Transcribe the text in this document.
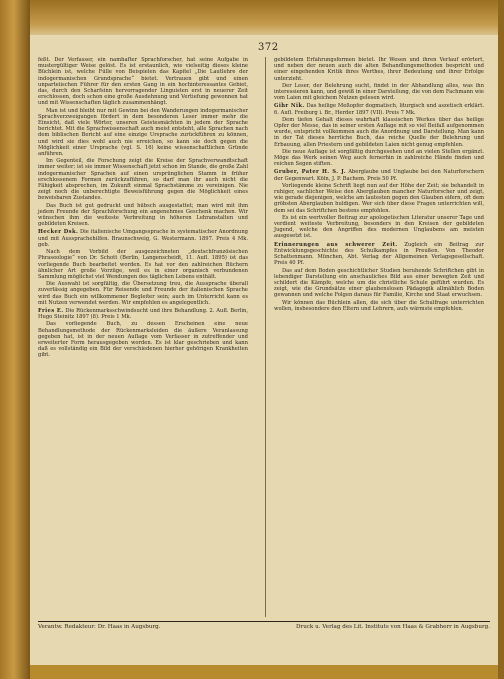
372

feßt. Der Verfasser, ein namhafter Sprachforscher, hat seine Aufgabe in mustergültiger Weise gelöst. Es ist erstaunlich, wie vielseitig dieses kleine Büchlein ist, welche Fülle von Beispielen das Kapitel „Die Lautlehre der indogermanischen Grundsprache“ bietet. Vertrauen gibt und einen unparteiischen Führer für den ersten Gang in ein hochinteressantes Gebiet, das, durch den Scharfsinn hervorragender Linguisten erst in neuerer Zeit erschlossen, doch schon eine große Ausdehnung und Vertiefung gewonnen hat und mit Wissenschaften täglich zusammenhängt.

Man ist und bleibt nur mit Gewinn bei den Wanderungen indogermanischer Sprachverzweigungen fördert in dem besonderen Leser immer mehr die Einsicht, daß viele Wörter, unseren Geistesmächten in jedem der Sprache berichtet. Mit die Sprachwissenschaft auch meist entsteht, alle Sprachen nach dem biblischen Bericht auf eine einzige Ursprache zurückführen zu können, und wird sie dies wohl auch nie erreichen, so kann sie doch gegen die Möglichkeit einer Ursprache (vgl. S. 16) keine wissenschaftlichen Gründe anführen.

Im Gegenteil, die Forschung zeigt die Kreise der Sprachverwandtschaft immer weiter; ist sie immer Wissenschaft jetzt schon im Stande, die große Zahl indogermanischer Sprachen auf einen ursprünglichen Stamm in früher erschlossenem Formen zurückzuführen, so darf man ihr auch nicht die Fähigkeit absprechen, im Zukunft einmal Sprachstämme zu vereinigen. Nie zeigt noch die unberechtigte Beweisführung gegen die Möglichkeit eines beweisbaren Zustandes.

Das Buch ist gut gedruckt und hübsch ausgestattet; man wird mit ihm jedem Freunde der Sprachforschung ein angenehmes Geschenk machen. Wir wünschen ihm die weiteste Verbreitung in höheren Lehranstalten und gebildeten Kreisen.

Hecker Dsk. Die italienische Umgangssprache in systematischer Anordnung und mit Aussprachehilfen. Braunschweig, G. Westermann. 1897. Preis 4 Mk. geb.

Nach dem Vorbild der ausgezeichneten „deutschfranzösischen Phraseologie“ von Dr. Schott (Berlin, Langenscheidt, 11. Aufl. 1895) ist das vorliegende Buch bearbeitet worden. Es hat vor den zahlreichen Büchern ähnlicher Art große Vorzüge, weil es in einer organisch verbundenen Sammlung möglichst viel Wendungen des täglichen Lebens enthält.

Die Auswahl ist sorgfältig, die Übersetzung treu, die Aussprache überall zuverlässig angegeben. Für Reisende und Freunde der italienischen Sprache wird das Buch ein willkommener Begleiter sein; auch im Unterricht kann es mit Nutzen verwendet werden. Wir empfehlen es angelegentlich.

Fries E. Die Rückenmarksschwindsucht und ihre Behandlung. 2. Aufl. Berlin, Hugo Steinitz 1897 (8). Preis 1 Mk.

Das vorliegende Buch, zu dessen Erscheinen eine neue Behandlungsmethode der Rückenmarksleiden die äußere Veranlassung gegeben hat, ist in der neuen Auflage vom Verfasser in zutreffender und erweiterter Form herausgegeben worden. Es ist klar geschrieben und kann daß es vollständig ein Bild der verschiedenen hierher gehörigen Krankheiten gibt.

gebildetem Erfahrungsformen bietet. Ihr Wesen und ihren Verlauf erörtert, und neben der neuen auch die alten Behandlungsmethoden bespricht und einer eingehenden Kritik ihres Werthes, ihrer Bedeutung und ihrer Erfolge unterzieht.

Der Leser, der Belehrung sucht, findet in der Abhandlung alles, was ihn interessieren kann, und gewiß in einer Darstellung, die von dem Fachmann wie vom Laien mit gleichem Nutzen gelesen wird.

Gihr Nik. Das heilige Meßopfer dogmatisch, liturgisch und aszetisch erklärt. 6. Aufl. Freiburg i. Br., Herder 1897 (VII). Preis 7 Mk.

Dem tiefen Gehalt dieses wahrhaft klassischen Werkes über das heilige Opfer der Messe, das in seiner ersten Auflage mit so viel Beifall aufgenommen wurde, entspricht vollkommen auch die Anordnung und Darstellung. Man kann in der Tat dieses herrliche Buch, das reiche Quelle der Belehrung und Erbauung, allen Priestern und gebildeten Laien nicht genug empfehlen.

Die neue Auflage ist sorgfältig durchgesehen und an vielen Stellen ergänzt. Möge das Werk seinen Weg auch fernerhin in zahlreiche Hände finden und reichen Segen stiften.

Gruber, Pater H. S. J. Aberglaube und Unglaube bei den Naturforschern der Gegenwart. Köln, J. P. Bachem. Preis 50 Pf.

Vorliegende kleine Schrift liegt nun auf der Höhe der Zeit; sie behandelt in ruhiger, sachlicher Weise den Aberglauben mancher Naturforscher und zeigt, wie gerade diejenigen, welche am lautesten gegen den Glauben eifern, oft dem gröbsten Aberglauben huldigen. Wer sich über diese Fragen unterrichten will, dem sei das Schriftchen bestens empfohlen.

Es ist ein wertvoller Beitrag zur apologetischen Literatur unserer Tage und verdient weiteste Verbreitung, besonders in den Kreisen der gebildeten Jugend, welche den Angriffen des modernen Unglaubens am meisten ausgesetzt ist.

Erinnerungen aus schwerer Zeit. Zugleich ein Beitrag zur Entwicklungsgeschichte des Schulkampfes in Preußen. Von Theodor Schattenmann. München, Abt. Verlag der Allgemeinen Verlagsgesellschaft. Preis 40 Pf.

Das auf dem Boden geschichtlicher Studien beruhende Schriftchen gibt in lebendiger Darstellung ein anschauliches Bild aus einer bewegten Zeit und schildert die Kämpfe, welche um die christliche Schule geführt wurden. Es zeigt, wie die Grundsätze einer glaubenslosen Pädagogik allmählich Boden gewannen und welche Folgen daraus für Familie, Kirche und Staat erwuchsen.

Wir können das Büchlein allen, die sich über die Schulfrage unterrichten wollen, insbesondere den Eltern und Lehrern, aufs wärmste empfehlen.

Verantw. Redakteur: Dr. Haas in Augsburg.	Druck u. Verlag des Lit. Instituts von Haas & Grabherr in Augsburg.
